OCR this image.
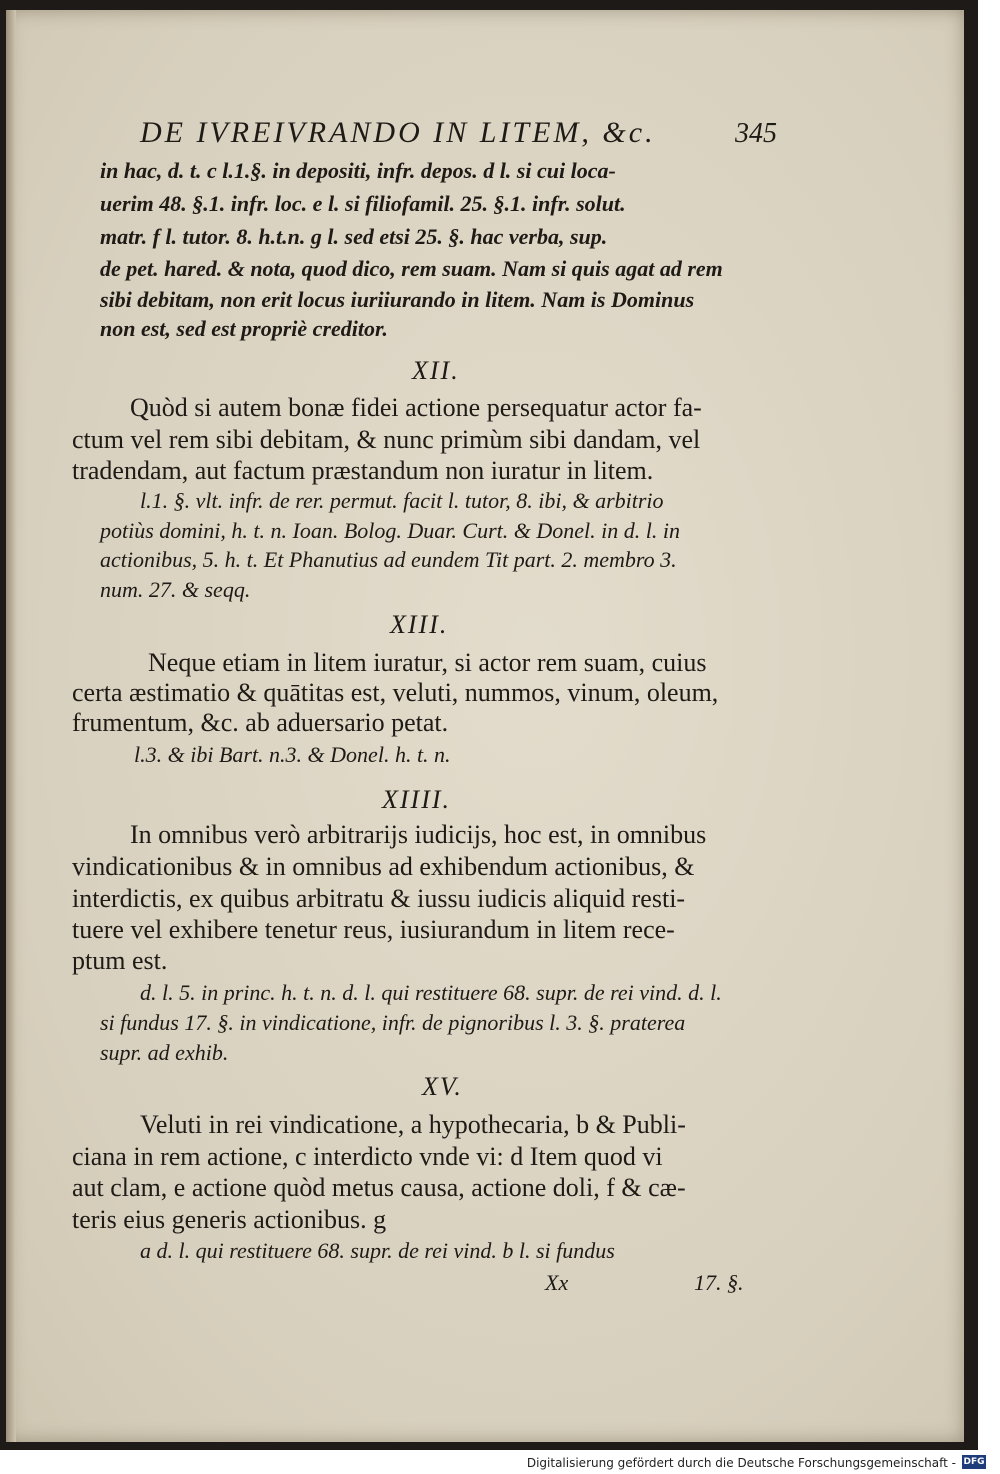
DE IVREIVRANDO IN LITEM, &c.	345
in hac, d. t. c l.1.§. in depositi, infr. depos. d l. si cui loca-
uerim 48. §.1. infr. loc. e l. si filiofamil. 25. §.1. infr. solut.
matr. f l. tutor. 8. h.t.n. g l. sed etsi 25. §. hac verba, sup.
de pet. hared. & nota, quod dico, rem suam. Nam si quis agat ad rem
sibi debitam, non erit locus iuriiurando in litem. Nam is Dominus
non est, sed est propriè creditor.
XII.
Quòd si autem bonæ fidei actione persequatur actor fa-
ctum vel rem sibi debitam, & nunc primùm sibi dandam, vel
tradendam, aut factum præstandum non iuratur in litem.
l.1. §. vlt. infr. de rer. permut. facit l. tutor, 8. ibi, & arbitrio
potiùs domini, h. t. n. Ioan. Bolog. Duar. Curt. & Donel. in d. l. in
actionibus, 5. h. t. Et Phanutius ad eundem Tit part. 2. membro 3.
num. 27. & seqq.
XIII.
Neque etiam in litem iuratur, si actor rem suam, cuius
certa æstimatio & quātitas est, veluti, nummos, vinum, oleum,
frumentum, &c. ab aduersario petat.
l.3. & ibi Bart. n.3. & Donel. h. t. n.
XIIII.
In omnibus verò arbitrarijs iudicijs, hoc est, in omnibus
vindicationibus & in omnibus ad exhibendum actionibus, &
interdictis, ex quibus arbitratu & iussu iudicis aliquid resti-
tuere vel exhibere tenetur reus, iusiurandum in litem rece-
ptum est.
d. l. 5. in princ. h. t. n. d. l. qui restituere 68. supr. de rei vind. d. l.
si fundus 17. §. in vindicatione, infr. de pignoribus l. 3. §. praterea
supr. ad exhib.
XV.
Veluti in rei vindicatione, a hypothecaria, b & Publi-
ciana in rem actione, c interdicto vnde vi: d Item quod vi
aut clam, e actione quòd metus causa, actione doli, f & cæ-
teris eius generis actionibus. g
a d. l. qui restituere 68. supr. de rei vind. b l. si fundus
Xx	17. §.
Digitalisierung gefördert durch die Deutsche Forschungsgemeinschaft - DFG
